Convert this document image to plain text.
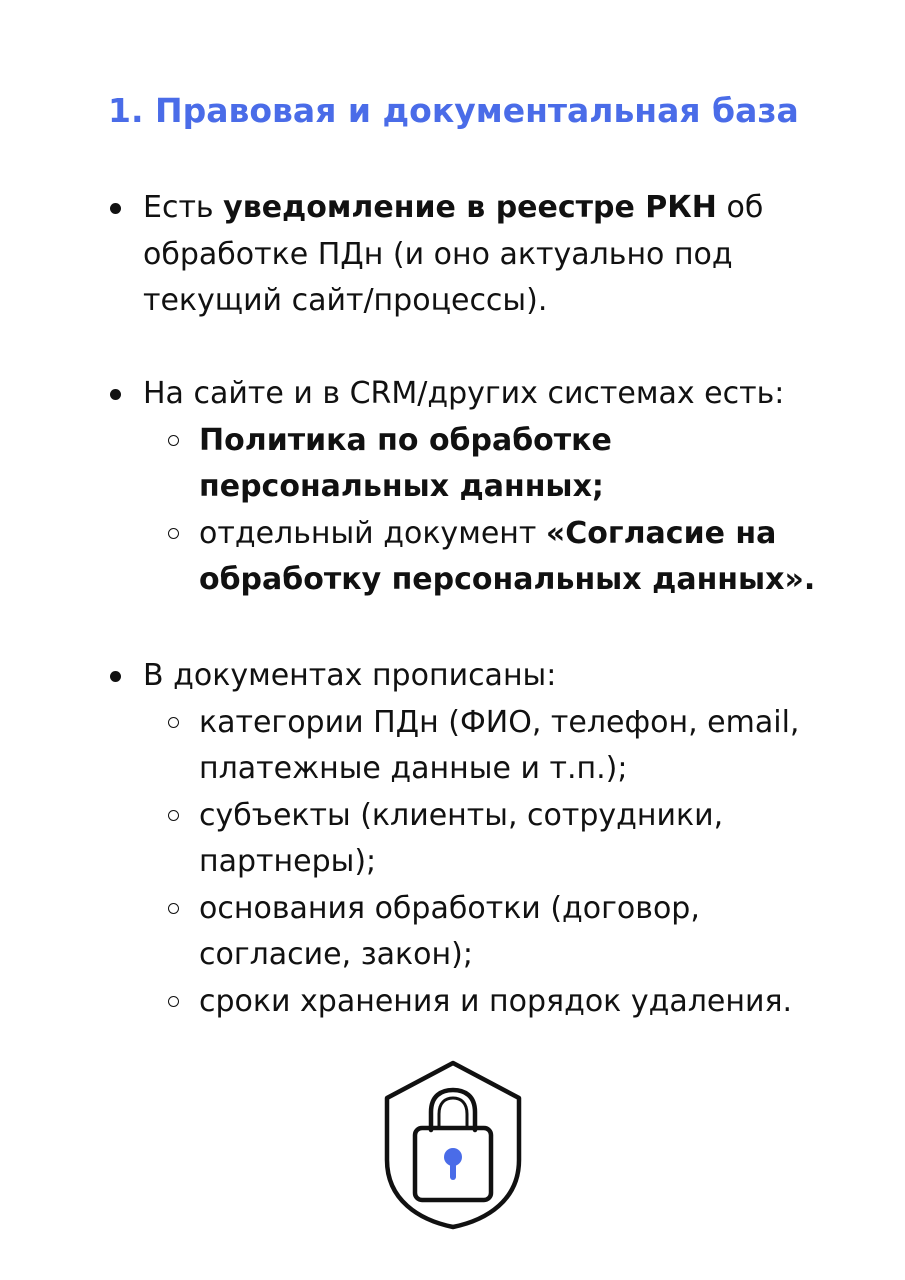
1. Правовая и документальная база
Есть уведомление в реестре РКН об обработке ПДн (и оно актуально под текущий сайт/процессы).
На сайте и в CRM/других системах есть:
Политика по обработке персональных данных;
отдельный документ «Согласие на обработку персональных данных».
В документах прописаны:
категории ПДн (ФИО, телефон, email, платежные данные и т.п.);
субъекты (клиенты, сотрудники, партнеры);
основания обработки (договор, согласие, закон);
сроки хранения и порядок удаления.
